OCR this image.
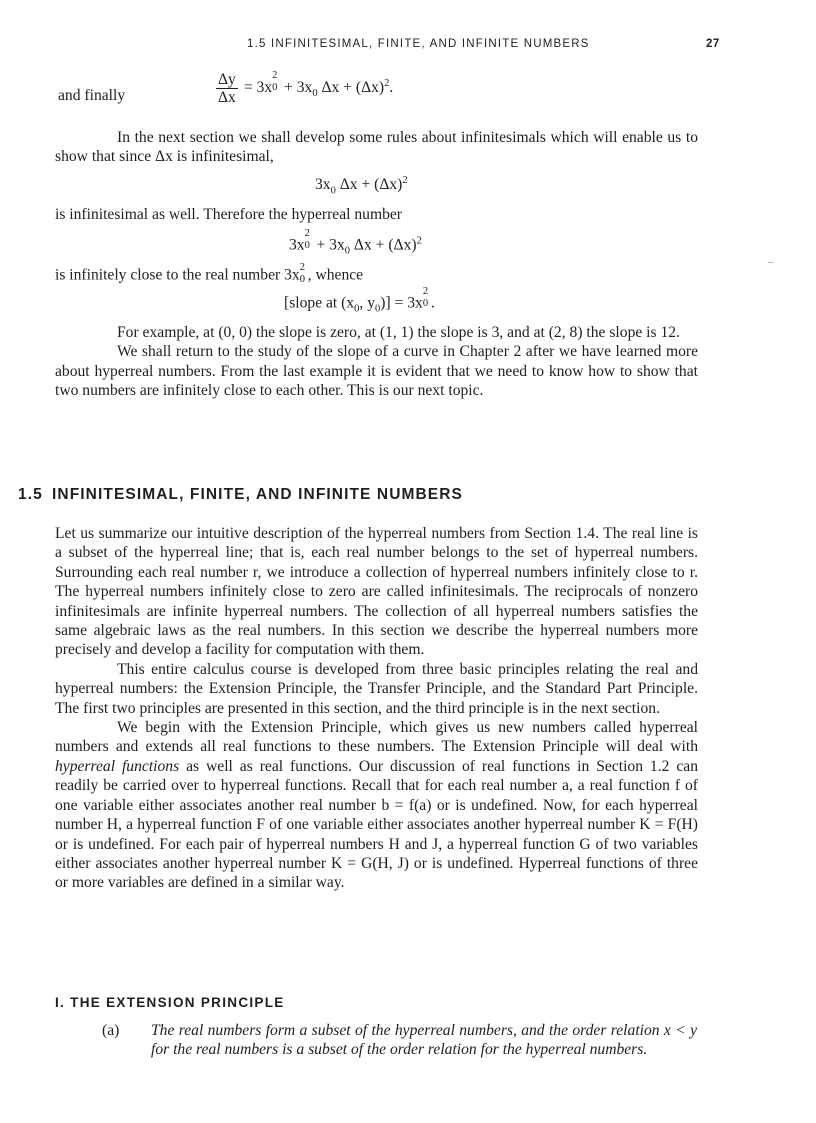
1.5 INFINITESIMAL, FINITE, AND INFINITE NUMBERS	27
and finally	$\frac{\Delta y}{\Delta x} = 3x$
2
$0 + 3x_0$ $\Delta x + (\Delta x)^2$.

In the next section we shall develop some rules about infinitesimals which will enable us to show that since Δx is infinitesimal,

$3x_0$ $\Delta x + (\Delta x)^2$
is infinitesimal as well. Therefore the hyperreal number
3x
2
$0 + 3x_0$ $\Delta x + (\Delta x)^2$
is infinitely close to the real number 3x 2
0 , whence
[slope at ($x_0$, $y_0)] = 3x$
2
0 .

For example, at (0, 0) the slope is zero, at (1, 1) the slope is 3, and at (2, 8) the slope is 12.

We shall return to the study of the slope of a curve in Chapter 2 after we have learned more about hyperreal numbers. From the last example it is evident that we need to know how to show that two numbers are infinitely close to each other. This is our next topic.

1.5 INFINITESIMAL, FINITE, AND INFINITE NUMBERS

Let us summarize our intuitive description of the hyperreal numbers from Section 1.4. The real line is a subset of the hyperreal line; that is, each real number belongs to the set of hyperreal numbers. Surrounding each real number r, we introduce a collection of hyperreal numbers infinitely close to r. The hyperreal numbers infinitely close to zero are called infinitesimals. The reciprocals of nonzero infinitesimals are infinite hyperreal numbers. The collection of all hyperreal numbers satisfies the same algebraic laws as the real numbers. In this section we describe the hyperreal numbers more precisely and develop a facility for computation with them.

This entire calculus course is developed from three basic principles relating the real and hyperreal numbers: the Extension Principle, the Transfer Principle, and the Standard Part Principle. The first two principles are presented in this section, and the third principle is in the next section.

We begin with the Extension Principle, which gives us new numbers called hyperreal numbers and extends all real functions to these numbers. The Extension Principle will deal with hyperreal functions as well as real functions. Our discussion of real functions in Section 1.2 can readily be carried over to hyperreal functions. Recall that for each real number a, a real function f of one variable either associates another real number b = f(a) or is undefined. Now, for each hyperreal number H, a hyperreal function F of one variable either associates another hyperreal number K = F(H) or is undefined. For each pair of hyperreal numbers H and J, a hyperreal function G of two variables either associates another hyperreal number K = G(H, J) or is undefined. Hyperreal functions of three or more variables are defined in a similar way.

I. THE EXTENSION PRINCIPLE
(a)	The real numbers form a subset of the hyperreal numbers, and the order relation x < y for the real numbers is a subset of the order relation for the hyperreal numbers.
